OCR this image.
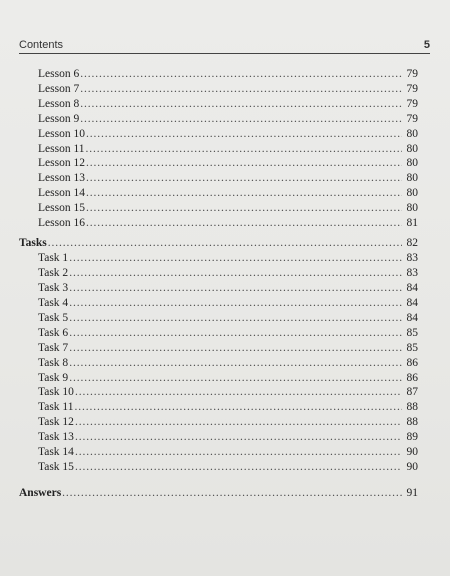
Contents	5
Lesson 6 . . .	79
Lesson 7 . . .	79
Lesson 8 . . .	79
Lesson 9 . . .	79
Lesson 10 . . .	80
Lesson 11 . . .	80
Lesson 12 . . .	80
Lesson 13 . . .	80
Lesson 14 . . .	80
Lesson 15 . . .	80
Lesson 16 . . .	81
Tasks . . .	82
Task 1 . . .	83
Task 2 . . .	83
Task 3 . . .	84
Task 4 . . .	84
Task 5 . . .	84
Task 6 . . .	85
Task 7 . . .	85
Task 8 . . .	86
Task 9 . . .	86
Task 10 . . .	87
Task 11 . . .	88
Task 12 . . .	88
Task 13 . . .	89
Task 14 . . .	90
Task 15 . . .	90
Answers . . .	91
